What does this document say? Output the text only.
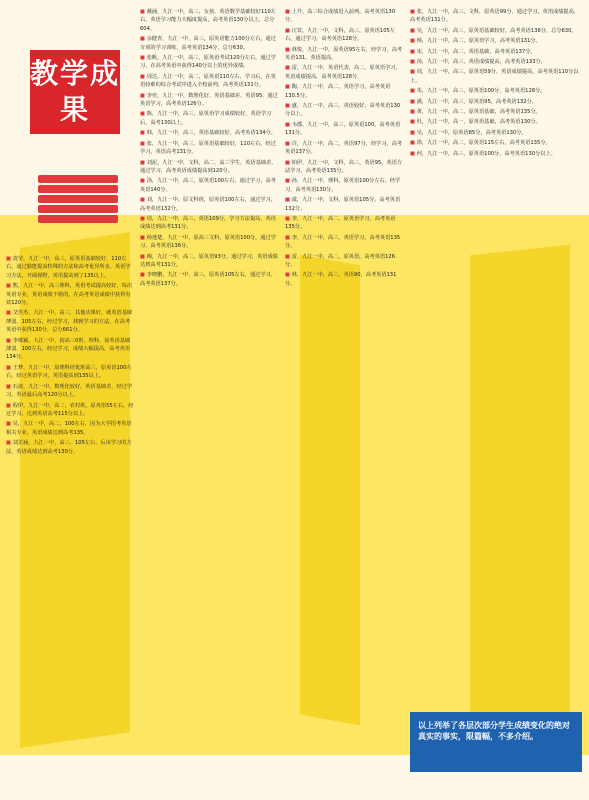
教学成果

■ 袁莹，九江一中，高三，原英语基础较好，110左右，通过勤能提高特殊的方法和高考优异所多，英语学习方法，开阔视野，英语提高到了135以上。

■ 熊，九江一中，高三理科，英语考试提高较好，每次英语专业，英语成绩不错的，在高考英语成绩中获得有效120分。

■ 艾佳杰，九江一中，高三，其他功课好，就英语基础薄弱，105左右，经过学习，找到学习的方法，在高考英语中获得130分，总分661分。

■ 李姝颖，九江一中，初高三0班，理科，原英语基础薄弱，100左右，经过学习，成绩大幅提高，高考英语134分。

■ 王梦，九江一中，原理科培优班高三，原英语100左右，经过英语学习，英语提高到135以上。

■ 石波，九江一中，数理化较好，英语基础差，经过学习，英语最后高考120分以上。

■ 程伊，九江一中，高二，农村班，原英语55左右，经过学习，达到英语高考115分以上。

■ 吴，九江一中，高二，100左右，因为大学招考英语相关专业，英语成绩达到高考135。

■ 刘芷涵，九江一中，高三，105左右，后由学习的方法，英语成绩达到高考130分。

■ 戴涵，九江一中，高三，女孩，英语数学基础较好110左右，英语学习能力大幅度提高，高考英语130分以上，总分604。

■ 余健青，九江一中，高三，原英语能力100分左右，通过专项的学习训练，高考英语134分，总分630。

■ 张帆，九江一中，高三，原英语考试120分左右，通过学习，在高考英语中获得140分以上的优异成绩。

■ 周达，九江一中，高二，原英语110左右，学习后，在英语较难的综合考试中进入全校前列，高考英语131分。

■ 李奕，九江一中，数理化好，英语基础差，英语95，通过英语学习，高考英语126分。

■ 陈，九江一中，高三，原英语学习成绩较好，英语学习后，高考130以上。

■ 韩，九江一中，高三，英语基础较好，高考英语134分。

■ 张，九江一中，高三，原英语基础较好，110左右，经过学习，英语高考131分。

■ 刘泥，九江一中，文科，高二，高三学生，英语基础差，通过学习，高考英语成绩提高到120分。

■ 汤，九江一中，高三，原英语100左右，通过学习，高考英语140分。

■ 刘，九江一中，原文科班，原英语100左右，通过学习，高考英语132分。

■ 周，九江一中，高三，英语109分，学习方法提高，英语成绩达到高考131分。

■ 杨逸楚，九江一中，原高三文科，原英语100分，通过学习，高考英语136分。

■ 梅，九江一中，高二，原英语93分，通过学习，英语成绩达到高考131分。

■ 李晓鹏，九江一中，高三，原英语105左右，通过学习，高考英语137分。

■ 上升，高三综合成绩进入前列，高考英语130分。

■ 汪冥，九江一中，文科，高三，原英语105左右，通过学习，高考英语128分。

■ 林悦，九江一中，原英语95左右，经学习，高考英语131，英语提高。

■ 雷，九江一中，英语代表，高二，原英语学习，英语成绩提高，高考英语128分。

■ 陶，九江一中，高二，英语学习，高考英语130.5分。

■ 盛，九江一中，高三，英语较好，高考英语130分以上。

■ 韦郡，九江一中，高三，原英语100，高考英语131分。

■ 许，九江一中，高二，英语97分，经学习，高考英语137分。

■ 柏伊，九江一中，文科，高三，英语95，英语方法学习，高考英语135分。

■ 孙，九江一中，理科，原英语100分左右，经学习，高考英语130分。

■ 虞，九江一中，文科，原英语105分，高考英语132分。

■ 李，九江一中，高二，原英语学习，高考英语135分。

■ 李，九江一中，高三，英语学习，高考英语135分。

■ 雷，九江一中，高二，原英语，高考英语126分。

■ 林，九江一中，高三，英语90，高考英语131分。

■ 张，九江一中，高三，文科，原英语99分，通过学习，英语成绩提高，高考英语131分。

■ 吴，九江一中，高三，原英语基础较好，高考英语136分，总分630。

■ 杨，九江一中，高二，原英语学习，高考英语131分。

■ 宋，九江一中，高二，英语基础，高考英语137分。

■ 汤，九江一中，高三，英语成绩提高，高考英语133分。

■ 周，九江一中，高三，原英语59分，英语成绩提高，高考英语110分以上。

■ 朱，九江一中，高三，原英语100分，高考英语128分。

■ 潘，九江一中，高三，原英语95，高考英语132分。

■ 黄，九江一中，高二，原英语基础，高考英语135分。

■ 杜，九江一中，高一，原英语基础，高考英语130分。

■ 吴，九江一中，原英语85分，高考英语130分。

■ 徐，九江一中，高二，原英语115左右，高考英语135分。

■ 何，九江一中，高三，原英语100分，高考英语130分以上。

以上列举了各层次部分学生成绩变化的绝对真实的事实，限篇幅，不多介绍。
